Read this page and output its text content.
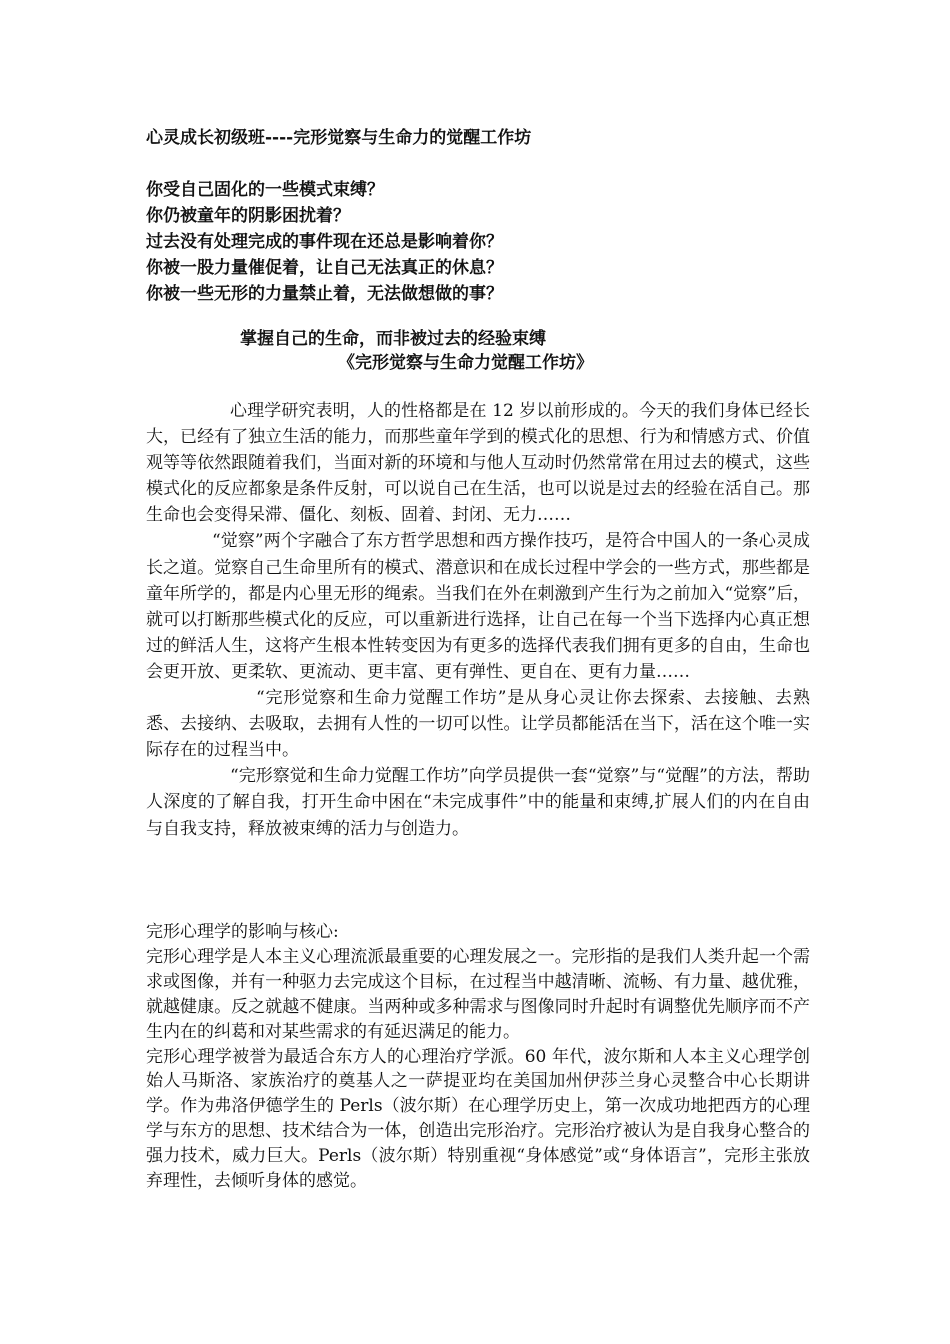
心灵成长初级班----完形觉察与生命力的觉醒工作坊
你受自己固化的一些模式束缚？
你仍被童年的阴影困扰着？
过去没有处理完成的事件现在还总是影响着你？
你被一股力量催促着，让自己无法真正的休息？
你被一些无形的力量禁止着，无法做想做的事？
掌握自己的生命，而非被过去的经验束缚
《完形觉察与生命力觉醒工作坊》

心理学研究表明，人的性格都是在 12 岁以前形成的。今天的我们身体已经长大，已经有了独立生活的能力，而那些童年学到的模式化的思想、行为和情感方式、价值观等等依然跟随着我们，当面对新的环境和与他人互动时仍然常常在用过去的模式，这些模式化的反应都象是条件反射，可以说自己在生活，也可以说是过去的经验在活自己。那生命也会变得呆滞、僵化、刻板、固着、封闭、无力……

“觉察”两个字融合了东方哲学思想和西方操作技巧，是符合中国人的一条心灵成长之道。觉察自己生命里所有的模式、潜意识和在成长过程中学会的一些方式，那些都是童年所学的，都是内心里无形的绳索。当我们在外在刺激到产生行为之前加入“觉察”后，就可以打断那些模式化的反应，可以重新进行选择，让自己在每一个当下选择内心真正想过的鲜活人生，这将产生根本性转变因为有更多的选择代表我们拥有更多的自由，生命也会更开放、更柔软、更流动、更丰富、更有弹性、更自在、更有力量……

“完形觉察和生命力觉醒工作坊”是从身心灵让你去探索、去接触、去熟悉、去接纳、去吸取，去拥有人性的一切可以性。让学员都能活在当下，活在这个唯一实际存在的过程当中。

“完形察觉和生命力觉醒工作坊”向学员提供一套“觉察”与“觉醒”的方法，帮助人深度的了解自我，打开生命中困在“未完成事件”中的能量和束缚,扩展人们的内在自由与自我支持，释放被束缚的活力与创造力。

完形心理学的影响与核心:

完形心理学是人本主义心理流派最重要的心理发展之一。完形指的是我们人类升起一个需求或图像，并有一种驱力去完成这个目标，在过程当中越清晰、流畅、有力量、越优雅，就越健康。反之就越不健康。当两种或多种需求与图像同时升起时有调整优先顺序而不产生内在的纠葛和对某些需求的有延迟满足的能力。

完形心理学被誉为最适合东方人的心理治疗学派。60 年代，波尔斯和人本主义心理学创始人马斯洛、家族治疗的奠基人之一萨提亚均在美国加州伊莎兰身心灵整合中心长期讲学。作为弗洛伊德学生的 Perls（波尔斯）在心理学历史上，第一次成功地把西方的心理学与东方的思想、技术结合为一体，创造出完形治疗。完形治疗被认为是自我身心整合的强力技术，威力巨大。Perls（波尔斯）特别重视“身体感觉”或“身体语言”，完形主张放弃理性，去倾听身体的感觉。
